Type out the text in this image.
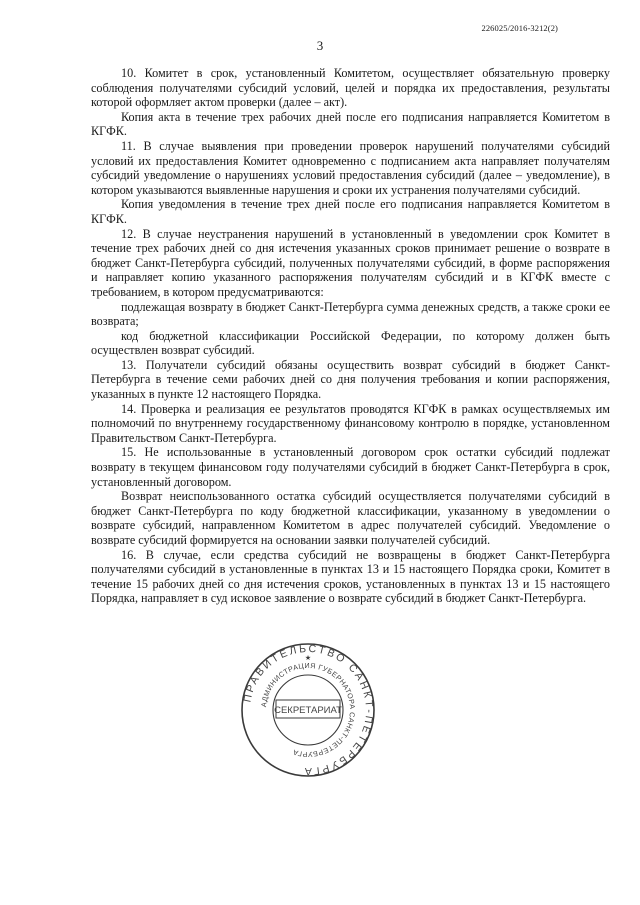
226025/2016-3212(2)
3

10. Комитет в срок, установленный Комитетом, осуществляет обязательную проверку соблюдения получателями субсидий условий, целей и порядка их предоставления, результаты которой оформляет актом проверки (далее – акт).

Копия акта в течение трех рабочих дней после его подписания направляется Комитетом в КГФК.

11. В случае выявления при проведении проверок нарушений получателями субсидий условий их предоставления Комитет одновременно с подписанием акта направляет получателям субсидий уведомление о нарушениях условий предоставления субсидий (далее – уведомление), в котором указываются выявленные нарушения и сроки их устранения получателями субсидий.

Копия уведомления в течение трех дней после его подписания направляется Комитетом в КГФК.

12. В случае неустранения нарушений в установленный в уведомлении срок Комитет в течение трех рабочих дней со дня истечения указанных сроков принимает решение о возврате в бюджет Санкт-Петербурга субсидий, полученных получателями субсидий, в форме распоряжения и направляет копию указанного распоряжения получателям субсидий и в КГФК вместе с требованием, в котором предусматриваются:

подлежащая возврату в бюджет Санкт-Петербурга сумма денежных средств, а также сроки ее возврата;

код бюджетной классификации Российской Федерации, по которому должен быть осуществлен возврат субсидий.

13. Получатели субсидий обязаны осуществить возврат субсидий в бюджет Санкт-Петербурга в течение семи рабочих дней со дня получения требования и копии распоряжения, указанных в пункте 12 настоящего Порядка.

14. Проверка и реализация ее результатов проводятся КГФК в рамках осуществляемых им полномочий по внутреннему государственному финансовому контролю в порядке, установленном Правительством Санкт-Петербурга.

15. Не использованные в установленный договором срок остатки субсидий подлежат возврату в текущем финансовом году получателями субсидий в бюджет Санкт-Петербурга в срок, установленный договором.

Возврат неиспользованного остатка субсидий осуществляется получателями субсидий в бюджет Санкт-Петербурга по коду бюджетной классификации, указанному в уведомлении о возврате субсидий, направленном Комитетом в адрес получателей субсидий. Уведомление о возврате субсидий формируется на основании заявки получателей субсидий.

16. В случае, если средства субсидий не возвращены в бюджет Санкт-Петербурга получателями субсидий в установленные в пунктах 13 и 15 настоящего Порядка сроки, Комитет в течение 15 рабочих дней со дня истечения сроков, установленных в пунктах 13 и 15 настоящего Порядка, направляет в суд исковое заявление о возврате субсидий в бюджет Санкт-Петербурга.

★
ПРАВИТЕЛЬСТВО САНКТ-ПЕТЕРБУРГА
АДМИНИСТРАЦИЯ ГУБЕРНАТОРА САНКТ-ПЕТЕРБУРГА
СЕКРЕТАРИАТ
